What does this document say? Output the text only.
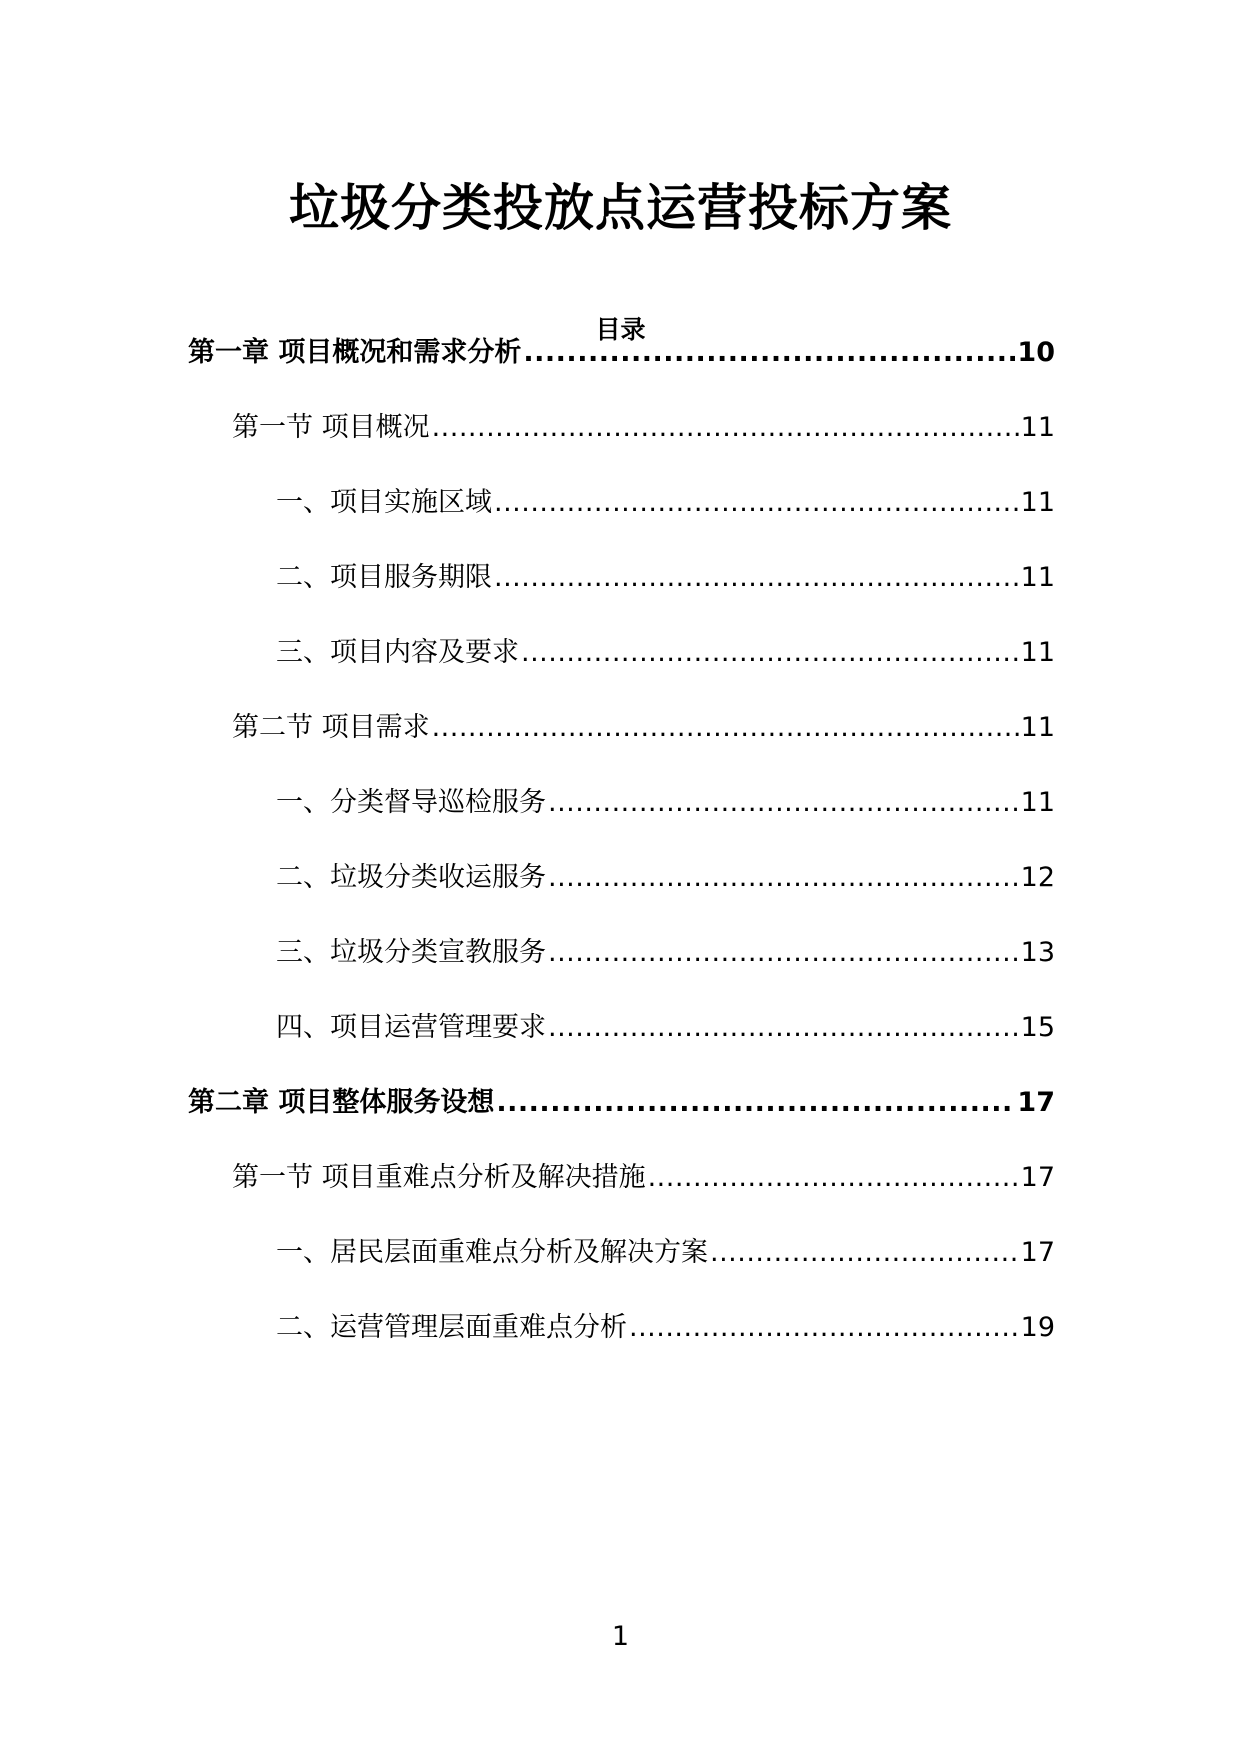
垃圾分类投放点运营投标方案
目录
第一章 项目概况和需求分析 .....	10
第一节 项目概况 .....	11
一、项目实施区域 .....	11
二、项目服务期限 .....	11
三、项目内容及要求 .....	11
第二节 项目需求 .....	11
一、分类督导巡检服务 .....	11
二、垃圾分类收运服务 .....	12
三、垃圾分类宣教服务 .....	13
四、项目运营管理要求 .....	15
第二章 项目整体服务设想 .....	17
第一节 项目重难点分析及解决措施 .....	17
一、居民层面重难点分析及解决方案 .....	17
二、运营管理层面重难点分析 .....	19
1
